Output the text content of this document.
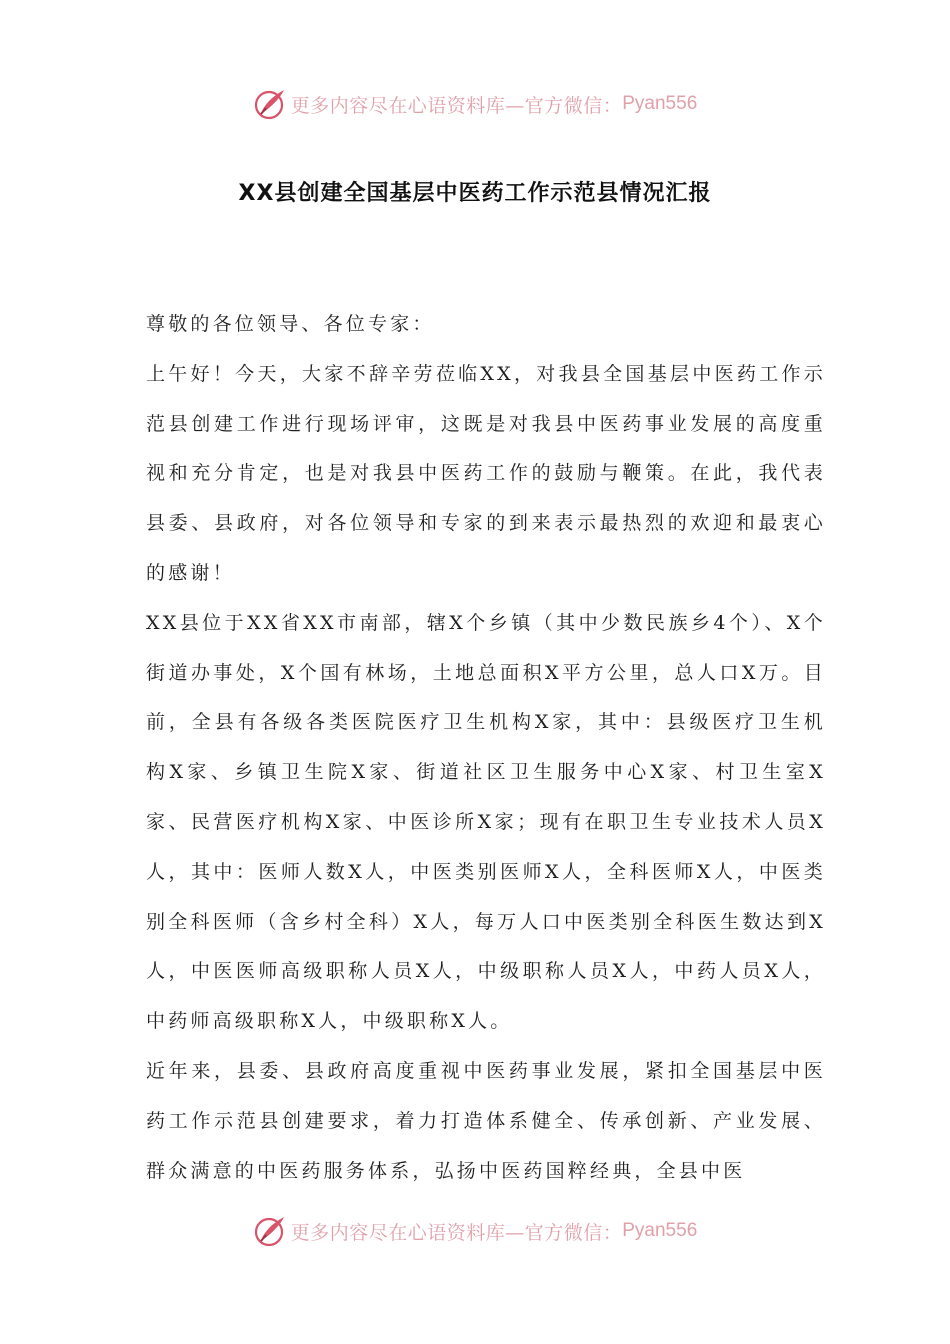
更多内容尽在心语资料库—官方微信： Pyan556
XX县创建全国基层中医药工作示范县情况汇报

尊敬的各位领导、各位专家：

上午好！今天，大家不辞辛劳莅临XX，对我县全国基层中医药工作示范县创建工作进行现场评审，这既是对我县中医药事业发展的高度重视和充分肯定，也是对我县中医药工作的鼓励与鞭策。在此，我代表县委、县政府，对各位领导和专家的到来表示最热烈的欢迎和最衷心的感谢！

XX县位于XX省XX市南部，辖X个乡镇（其中少数民族乡4个）、X个街道办事处，X个国有林场，土地总面积X平方公里，总人口X万。目前，全县有各级各类医院医疗卫生机构X家，其中：县级医疗卫生机构X家、乡镇卫生院X家、街道社区卫生服务中心X家、村卫生室X家、民营医疗机构X家、中医诊所X家；现有在职卫生专业技术人员X人，其中：医师人数X人，中医类别医师X人，全科医师X人，中医类别全科医师（含乡村全科）X人，每万人口中医类别全科医生数达到X人，中医医师高级职称人员X人，中级职称人员X人，中药人员X人，中药师高级职称X人，中级职称X人。

近年来，县委、县政府高度重视中医药事业发展，紧扣全国基层中医药工作示范县创建要求，着力打造体系健全、传承创新、产业发展、群众满意的中医药服务体系，弘扬中医药国粹经典，全县中医

更多内容尽在心语资料库—官方微信： Pyan556
